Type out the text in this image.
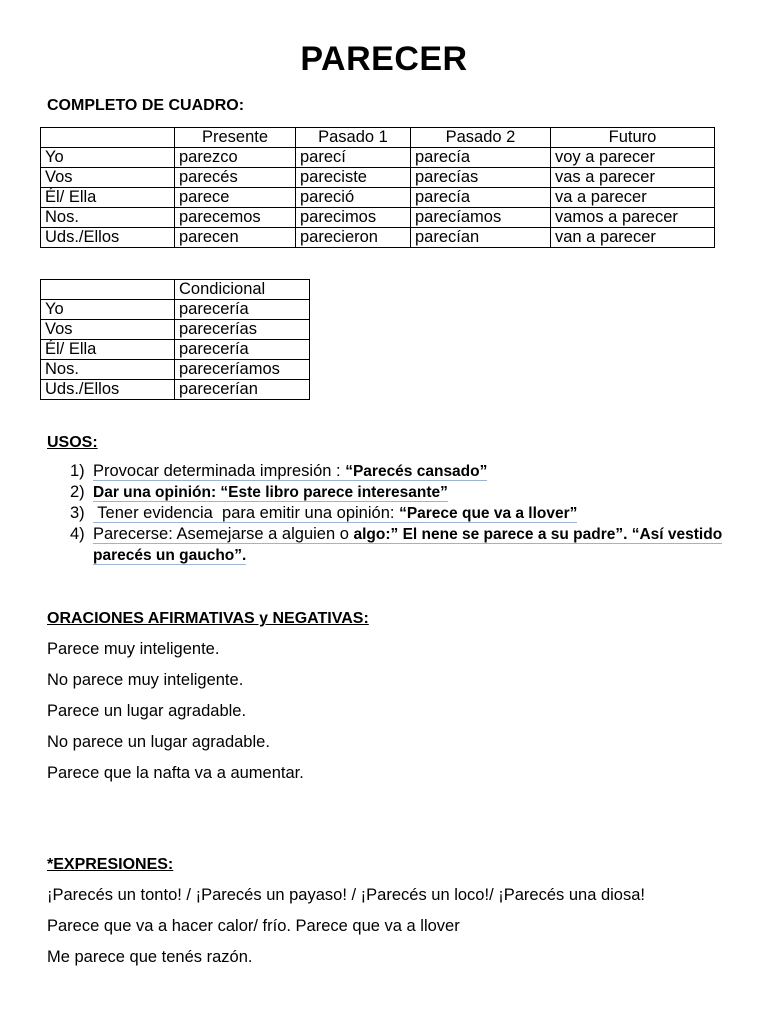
PARECER
COMPLETO DE CUADRO:
	Presente	Pasado 1	Pasado 2	Futuro
Yo	parezco	parecí	parecía	voy a parecer
Vos	parecés	pareciste	parecías	vas a parecer
Él/ Ella	parece	pareció	parecía	va a parecer
Nos.	parecemos	parecimos	parecíamos	vamos a parecer
Uds./Ellos	parecen	parecieron	parecían	van a parecer
	Condicional
Yo	parecería
Vos	parecerías
Él/ Ella	parecería
Nos.	pareceríamos
Uds./Ellos	parecerían
USOS:
1) Provocar determinada impresión : “Parecés cansado”
2) Dar una opinión: “Este libro parece interesante”
3) Tener evidencia  para emitir una opinión: “Parece que va a llover”
4) Parecerse: Asemejarse a alguien o algo:” El nene se parece a su padre”. “Así vestido parecés un gaucho”.
ORACIONES AFIRMATIVAS y NEGATIVAS:
Parece muy inteligente.
No parece muy inteligente.
Parece un lugar agradable.
No parece un lugar agradable.
Parece que la nafta va a aumentar.
*EXPRESIONES:
¡Parecés un tonto! / ¡Parecés un payaso! / ¡Parecés un loco!/ ¡Parecés una diosa!
Parece que va a hacer calor/ frío. Parece que va a llover
Me parece que tenés razón.
